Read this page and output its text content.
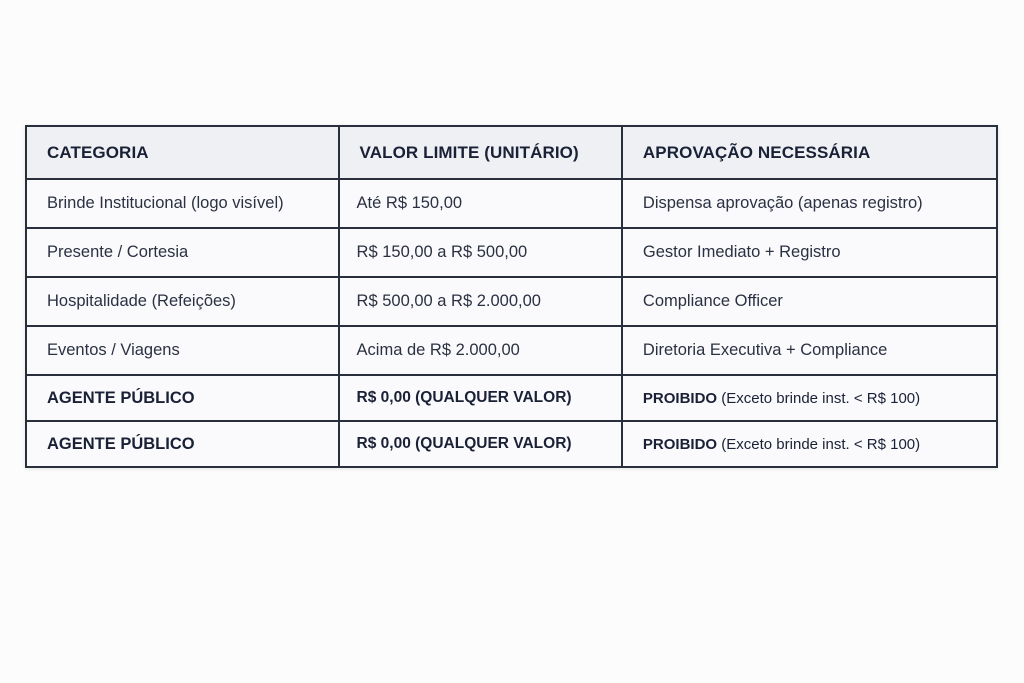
CATEGORIA	VALOR LIMITE (UNITÁRIO)	APROVAÇÃO NECESSÁRIA
Brinde Institucional (logo visível)	Até R$ 150,00	Dispensa aprovação (apenas registro)
Presente / Cortesia	R$ 150,00 a R$ 500,00	Gestor Imediato + Registro
Hospitalidade (Refeições)	R$ 500,00 a R$ 2.000,00	Compliance Officer
Eventos / Viagens	Acima de R$ 2.000,00	Diretoria Executiva + Compliance
AGENTE PÚBLICO	R$ 0,00 (QUALQUER VALOR)	PROIBIDO (Exceto brinde inst. < R$ 100)
AGENTE PÚBLICO	R$ 0,00 (QUALQUER VALOR)	PROIBIDO (Exceto brinde inst. < R$ 100)
